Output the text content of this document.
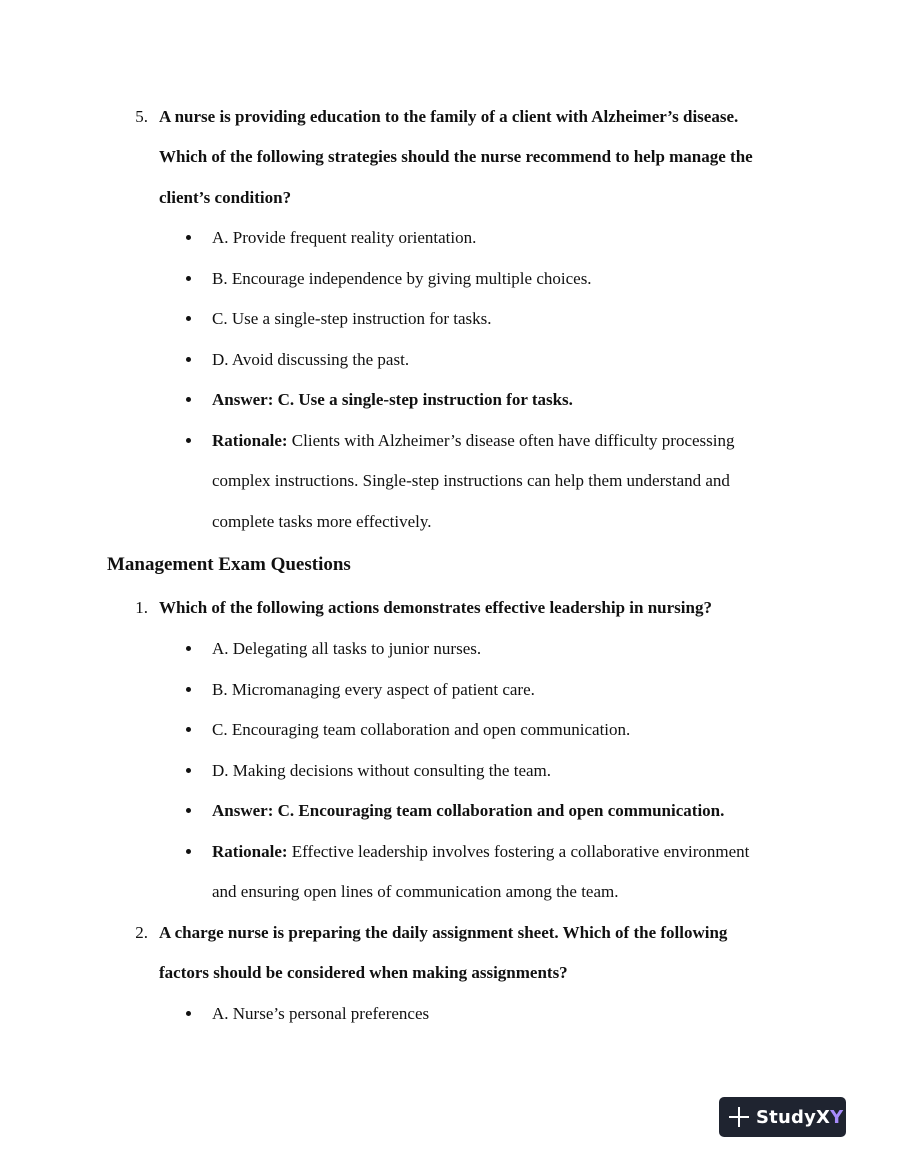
5. A nurse is providing education to the family of a client with Alzheimer’s disease.
Which of the following strategies should the nurse recommend to help manage the
client’s condition?
A. Provide frequent reality orientation.
B. Encourage independence by giving multiple choices.
C. Use a single-step instruction for tasks.
D. Avoid discussing the past.
Answer: C. Use a single-step instruction for tasks.
Rationale: Clients with Alzheimer’s disease often have difficulty processing
complex instructions. Single-step instructions can help them understand and
complete tasks more effectively.
Management Exam Questions
1. Which of the following actions demonstrates effective leadership in nursing?
A. Delegating all tasks to junior nurses.
B. Micromanaging every aspect of patient care.
C. Encouraging team collaboration and open communication.
D. Making decisions without consulting the team.
Answer: C. Encouraging team collaboration and open communication.
Rationale: Effective leadership involves fostering a collaborative environment
and ensuring open lines of communication among the team.
2. A charge nurse is preparing the daily assignment sheet. Which of the following
factors should be considered when making assignments?
A. Nurse’s personal preferences
StudyXY
